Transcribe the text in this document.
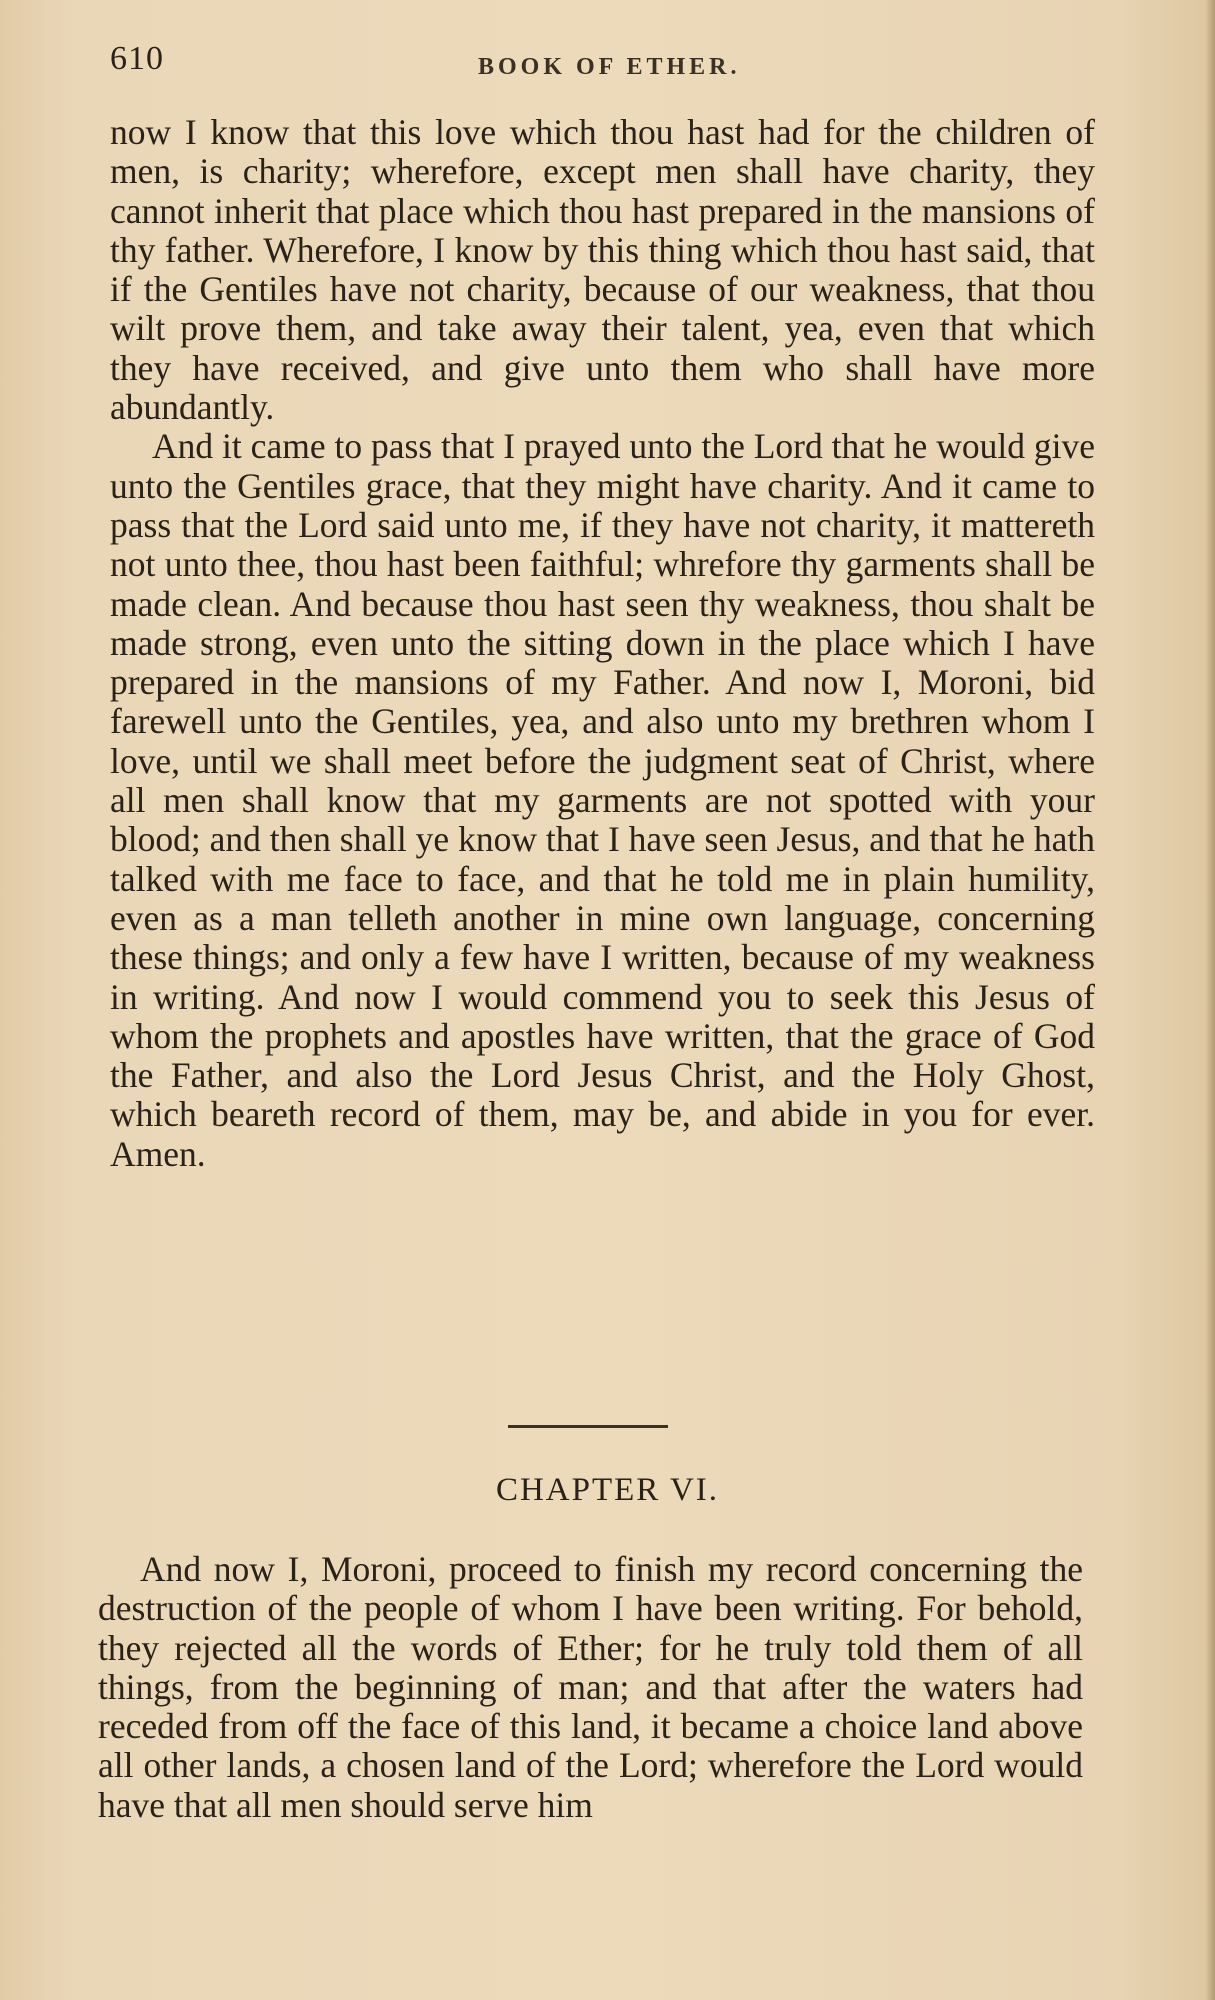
610	BOOK OF ETHER.

now I know that this love which thou hast had for the children of men, is charity; wherefore, except men shall have charity, they cannot inherit that place which thou hast prepared in the mansions of thy father. Wherefore, I know by this thing which thou hast said, that if the Gentiles have not charity, because of our weakness, that thou wilt prove them, and take away their talent, yea, even that which they have received, and give unto them who shall have more abundantly.

And it came to pass that I prayed unto the Lord that he would give unto the Gentiles grace, that they might have charity. And it came to pass that the Lord said unto me, if they have not charity, it mattereth not unto thee, thou hast been faithful; whrefore thy garments shall be made clean. And because thou hast seen thy weakness, thou shalt be made strong, even unto the sitting down in the place which I have prepared in the mansions of my Father. And now I, Moroni, bid farewell unto the Gentiles, yea, and also unto my brethren whom I love, until we shall meet before the judgment seat of Christ, where all men shall know that my garments are not spotted with your blood; and then shall ye know that I have seen Jesus, and that he hath talked with me face to face, and that he told me in plain humility, even as a man telleth another in mine own language, concerning these things; and only a few have I written, because of my weakness in writing. And now I would commend you to seek this Jesus of whom the prophets and apostles have written, that the grace of God the Father, and also the Lord Jesus Christ, and the Holy Ghost, which beareth record of them, may be, and abide in you for ever. Amen.

CHAPTER VI.

And now I, Moroni, proceed to finish my record concerning the destruction of the people of whom I have been writing. For behold, they rejected all the words of Ether; for he truly told them of all things, from the beginning of man; and that after the waters had receded from off the face of this land, it became a choice land above all other lands, a chosen land of the Lord; wherefore the Lord would have that all men should serve him
